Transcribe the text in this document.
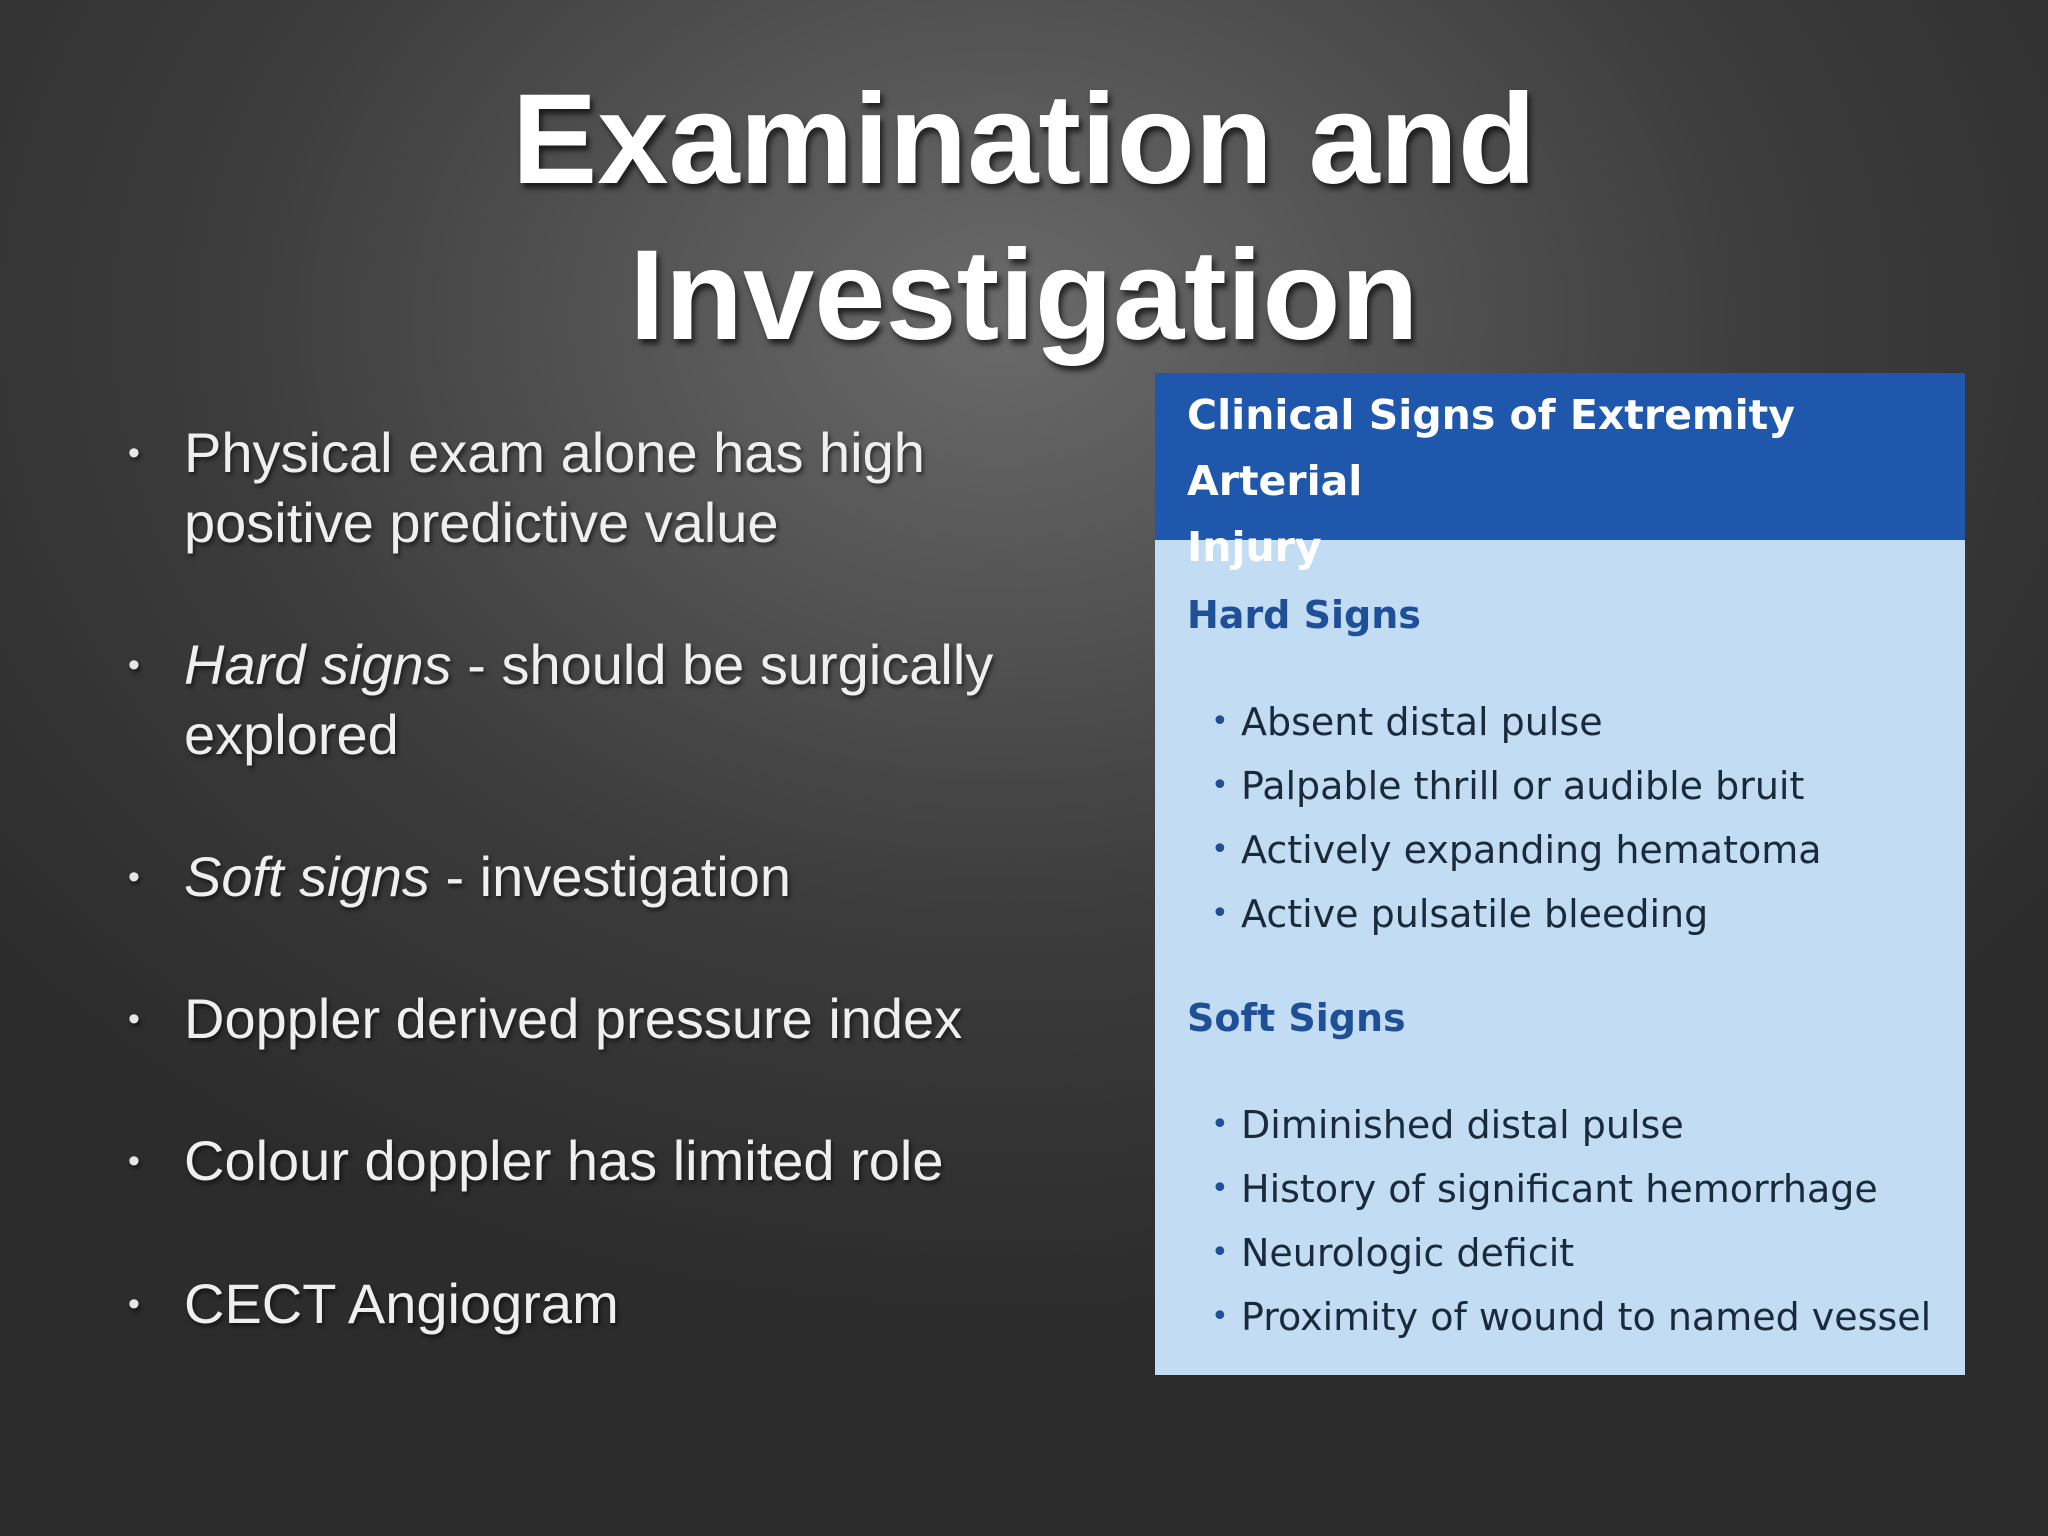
Examination and
Investigation
• Physical exam alone has high
positive predictive value
• Hard signs - should be surgically
explored
• Soft signs - investigation
• Doppler derived pressure index
• Colour doppler has limited role
• CECT Angiogram
Clinical Signs of Extremity Arterial
Injury
Hard Signs
• Absent distal pulse
• Palpable thrill or audible bruit
• Actively expanding hematoma
• Active pulsatile bleeding
Soft Signs
• Diminished distal pulse
• History of significant hemorrhage
• Neurologic deficit
• Proximity of wound to named vessel
